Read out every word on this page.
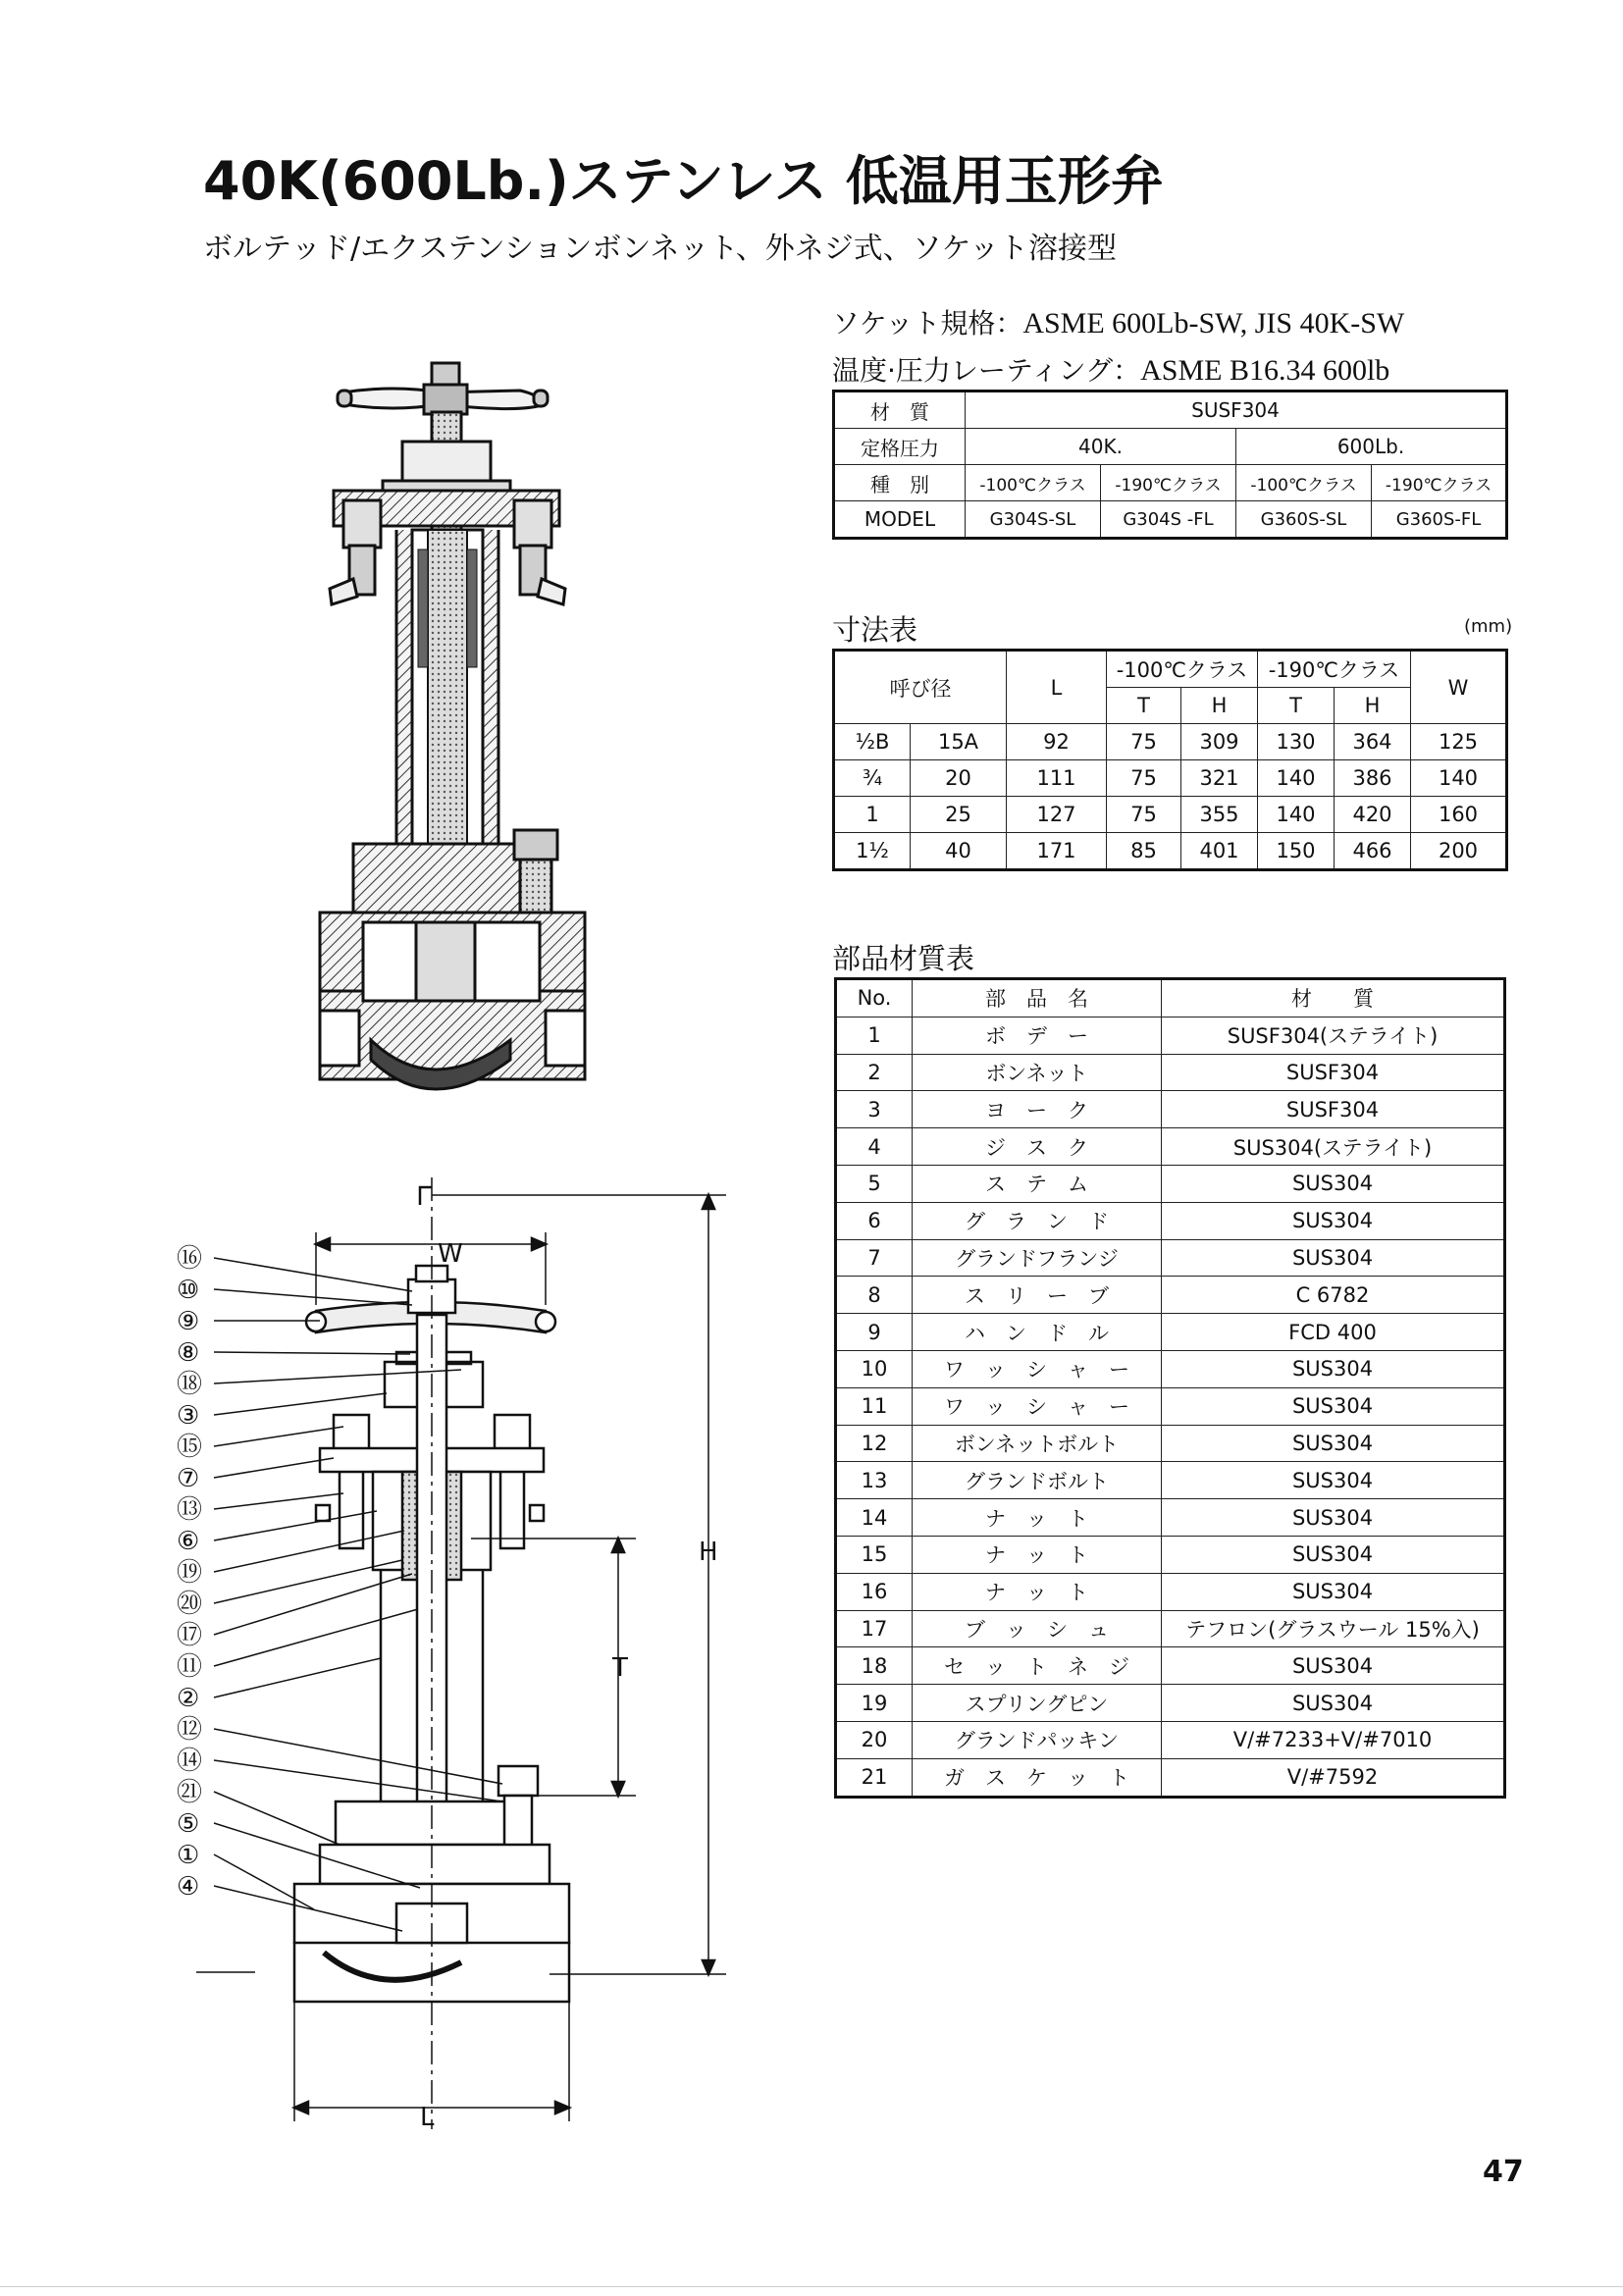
40K(600Lb.)ステンレス 低温用玉形弁
ボルテッド/エクステンションボンネット、外ネジ式、ソケット溶接型
ソケット規格：ASME 600Lb-SW, JIS 40K-SW
温度·圧力レーティング：ASME B16.34 600lb
材　質	SUSF304			
定格圧力	40K.		600Lb.	
種　別	-100℃クラス	-190℃クラス	-100℃クラス	-190℃クラス
MODEL	G304S-SL	G304S -FL	G360S-SL	G360S-FL
寸法表	(mm)
呼び径		L	-100℃クラス		-190℃クラス		W
			T	H	T	H	
½B	15A	92	75	309	130	364	125
¾	20	111	75	321	140	386	140
1	25	127	75	355	140	420	160
1½	40	171	85	401	150	466	200
部品材質表
No.	部　品　名	材　　質
1	ボ　デ　ー	SUSF304(ステライト)
2	ボンネット	SUSF304
3	ヨ　ー　ク	SUSF304
4	ジ　ス　ク	SUS304(ステライト)
5	ス　テ　ム	SUS304
6	グ　ラ　ン　ド	SUS304
7	グランドフランジ	SUS304
8	ス　リ　ー　ブ	C 6782
9	ハ　ン　ド　ル	FCD 400
10	ワ　ッ　シ　ャ　ー	SUS304
11	ワ　ッ　シ　ャ　ー	SUS304
12	ボンネットボルト	SUS304
13	グランドボルト	SUS304
14	ナ　ッ　ト	SUS304
15	ナ　ッ　ト	SUS304
16	ナ　ッ　ト	SUS304
17	ブ　ッ　シ　ュ	テフロン(グラスウール 15%入)
18	セ　ッ　ト　ネ　ジ	SUS304
19	スプリングピン	SUS304
20	グランドパッキン	V/#7233+V/#7010
21	ガ　ス　ケ　ッ　ト	V/#7592
⑯
⑩
⑨
⑧
⑱
③
⑮
⑦
⑬
⑥
⑲
⑳
⑰
⑪
②
⑫
⑭
㉑
⑤
①
④
W
H
T
L
47
